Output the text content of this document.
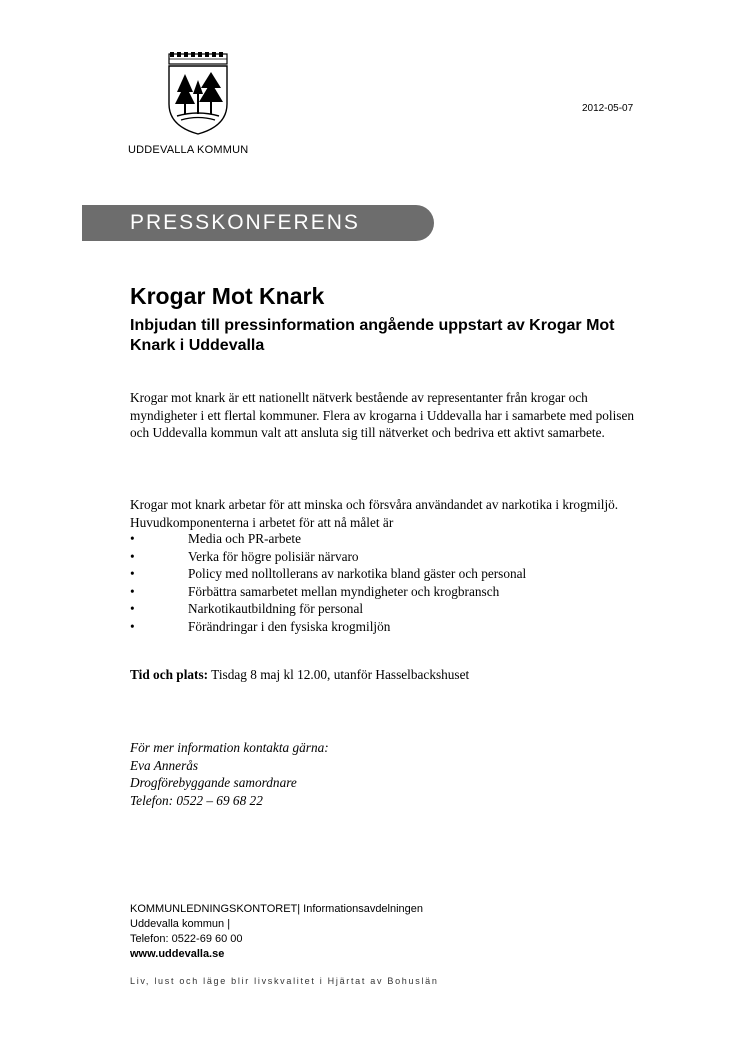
UDDEVALLA KOMMUN
2012-05-07
PRESSKONFERENS
Krogar Mot Knark
Inbjudan till pressinformation angående uppstart av Krogar Mot Knark i Uddevalla
Krogar mot knark är ett nationellt nätverk bestående av representanter från krogar och myndigheter i ett flertal kommuner. Flera av krogarna i Uddevalla har i samarbete med polisen och Uddevalla kommun valt att ansluta sig till nätverket och bedriva ett aktivt samarbete.
Krogar mot knark arbetar för att minska och försvåra användandet av narkotika i krogmiljö. Huvudkomponenterna i arbetet för att nå målet är
•	Media och PR-arbete
•	Verka för högre polisiär närvaro
•	Policy med nolltollerans av narkotika bland gäster och personal
•	Förbättra samarbetet mellan myndigheter och krogbransch
•	Narkotikautbildning för personal
•	Förändringar i den fysiska krogmiljön
Tid och plats: Tisdag 8 maj kl 12.00, utanför Hasselbackshuset
För mer information kontakta gärna:
Eva Annerås
Drogförebyggande samordnare
Telefon: 0522 – 69 68 22
KOMMUNLEDNINGSKONTORET| Informationsavdelningen
Uddevalla kommun |
Telefon: 0522-69 60 00
www.uddevalla.se
Liv, lust och läge blir livskvalitet i Hjärtat av Bohuslän
